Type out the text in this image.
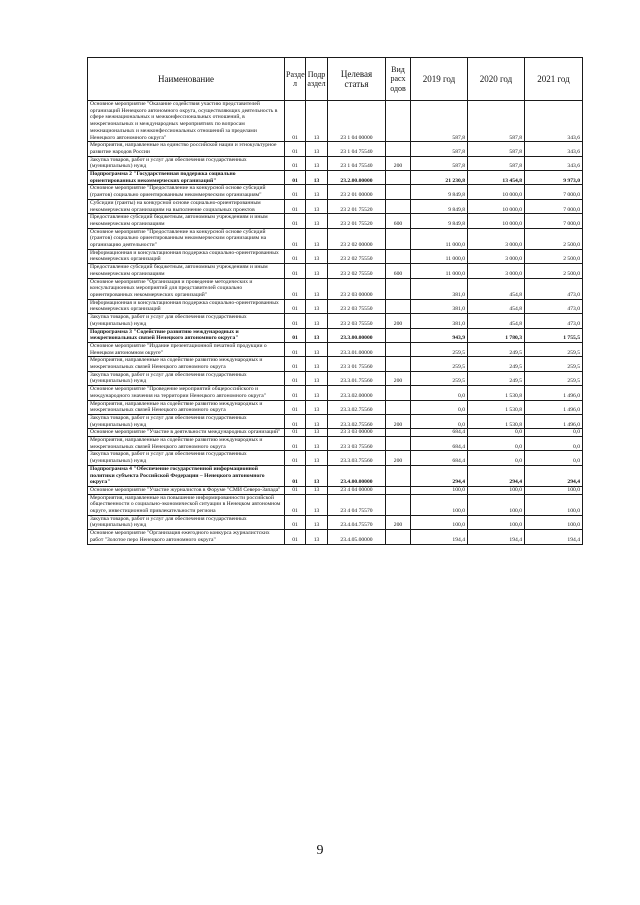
Наименование	Разде л	Подр аздел	Целевая статья	Вид расх одов	2019 год	2020 год	2021 год
Основное мероприятие "Оказание содействия участию представителей организаций Ненецкого автономного округа, осуществляющих деятельность в сфере межнациональных и межконфессиональных отношений, в межрегиональных и международных мероприятиях по вопросам межнациональных и межконфессиональных отношений за пределами Ненецкого автономного округа"	01	13	23 1 04 00000		587,8	587,8	343,6
Мероприятия, направленные на единство российской нации и этнокультурное развитие народов России	01	13	23 1 04 75540		587,8	587,8	343,6
Закупка товаров, работ и услуг для обеспечения государственных (муниципальных) нужд	01	13	23 1 04 75540	200	587,8	587,8	343,6
Подпрограмма 2 "Государственная поддержка социально ориентированных некоммерческих организаций"	01	13	23.2.00.00000		21 230,8	13 454,8	9 973,0
Основное мероприятие "Предоставление на конкурсной основе субсидий (грантов) социально ориентированным некоммерческим организациям"	01	13	23 2 01 00000		9 849,8	10 000,0	7 000,0
Субсидии (гранты) на конкурсной основе социально-ориентированным некоммерческим организациям на выполнение социальных проектов	01	13	23 2 01 75520		9 849,8	10 000,0	7 000,0
Предоставление субсидий бюджетным, автономным учреждениям и иным некоммерческим организациям	01	13	23 2 01 75520	600	9 849,8	10 000,0	7 000,0
Основное мероприятие "Предоставление на конкурсной основе субсидий (грантов) социально ориентированным некоммерческим организациям на организацию деятельности"	01	13	23 2 02 00000		11 000,0	3 000,0	2 500,0
Информационная и консультационная поддержка социально-ориентированных некоммерческих организаций	01	13	23 2 02 75550		11 000,0	3 000,0	2 500,0
Предоставление субсидий бюджетным, автономным учреждениям и иным некоммерческим организациям	01	13	23 2 02 75550	600	11 000,0	3 000,0	2 500,0
Основное мероприятие "Организация и проведение методических и консультационных мероприятий для представителей социально ориентированных некоммерческих организаций"	01	13	23 2 03 00000		381,0	454,8	473,0
Информационная и консультационная поддержка социально-ориентированных некоммерческих организаций	01	13	23 2 03 75550		381,0	454,8	473,0
Закупка товаров, работ и услуг для обеспечения государственных (муниципальных) нужд	01	13	23 2 03 75550	200	381,0	454,8	473,0
Подпрограмма 3 "Содействие развитию международных и межрегиональных связей Ненецкого автономного округа"	01	13	23.3.00.00000		943,9	1 780,3	1 755,5
Основное мероприятие "Издание презентационной печатной продукции о Ненецком автономном округе"	01	13	23.3.01.00000		259,5	249,5	259,5
Мероприятия, направленные на содействие развитию международных и межрегиональных связей Ненецкого автономного округа	01	13	23 3 01 75560		259,5	249,5	259,5
Закупка товаров, работ и услуг для обеспечения государственных (муниципальных) нужд	01	13	23.3.01.75560	200	259,5	249,5	259,5
Основное мероприятие "Проведение мероприятий общероссийского и международного значения на территории Ненецкого автономного округа"	01	13	23.3.02.00000		0,0	1 530,8	1 496,0
Мероприятия, направленные на содействие развитию международных и межрегиональных связей Ненецкого автономного округа	01	13	23.3.02.75560		0,0	1 530,8	1 496,0
Закупка товаров, работ и услуг для обеспечения государственных (муниципальных) нужд	01	13	23.3.02.75560	200	0,0	1 530,8	1 496,0
Основное мероприятие "Участие в деятельности международных организаций"	01	13	23 3 03 00000		684,4	0,0	0,0
Мероприятия, направленные на содействие развитию международных и межрегиональных связей Ненецкого автономного округа	01	13	23 3 03 75560		684,4	0,0	0,0
Закупка товаров, работ и услуг для обеспечения государственных (муниципальных) нужд	01	13	23.3.03.75560	200	684,4	0,0	0,0
Подпрограмма 4 "Обеспечение государственной информационной политики субъекта Российской Федерации – Ненецкого автономного округа"	01	13	23.4.00.00000		294,4	294,4	294,4
Основное мероприятие "Участие журналистов в Форуме "СМИ Северо-Запада"	01	13	23 4 04 00000		100,0	100,0	100,0
Мероприятия, направленные на повышение информированности российской общественности о социально-экономической ситуации в Ненецком автономном округе, инвестиционной привлекательности региона	01	13	23 4 04 75570		100,0	100,0	100,0
Закупка товаров, работ и услуг для обеспечения государственных (муниципальных) нужд	01	13	23.4.04.75570	200	100,0	100,0	100,0
Основное мероприятие "Организация ежегодного конкурса журналистских работ "Золотое перо Ненецкого автономного округа"	01	13	23.4.05.00000		194,4	194,4	194,4
9
